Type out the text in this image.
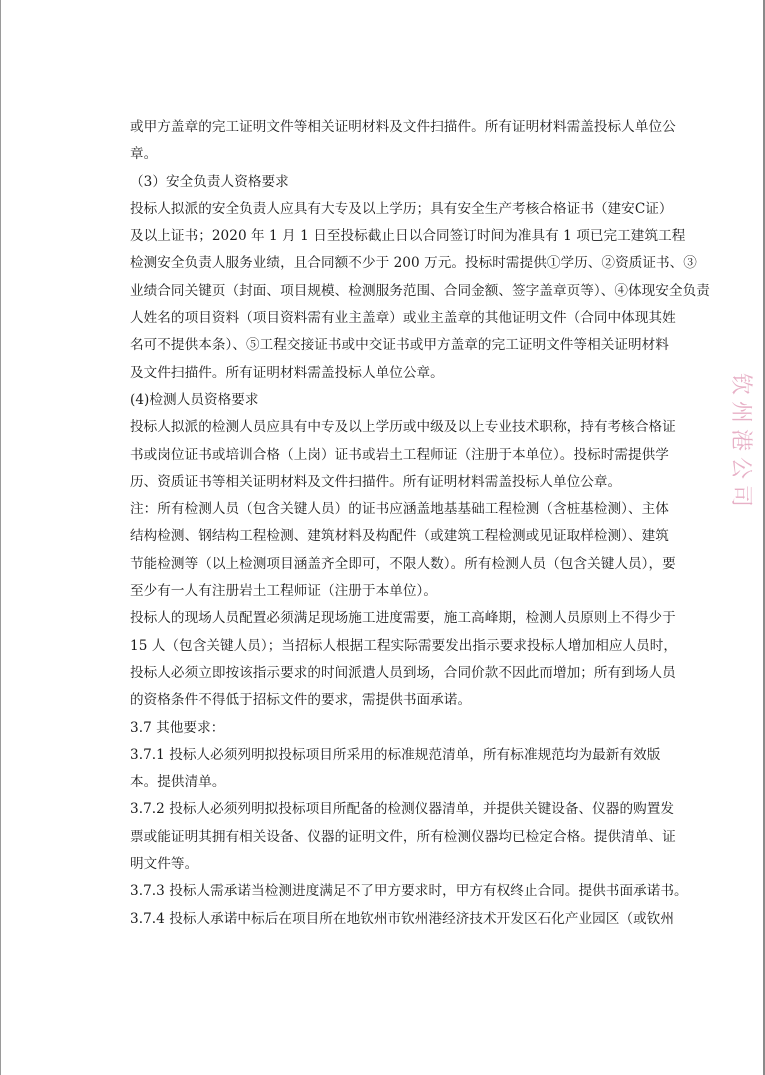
或甲方盖章的完工证明文件等相关证明材料及文件扫描件。所有证明材料需盖投标人单位公
章。
（3）安全负责人资格要求
投标人拟派的安全负责人应具有大专及以上学历；具有安全生产考核合格证书（建安C证）
及以上证书；2020 年 1 月 1 日至投标截止日以合同签订时间为准具有 1 项已完工建筑工程
检测安全负责人服务业绩，且合同额不少于 200 万元。投标时需提供①学历、②资质证书、③
业绩合同关键页（封面、项目规模、检测服务范围、合同金额、签字盖章页等）、④体现安全负责
人姓名的项目资料（项目资料需有业主盖章）或业主盖章的其他证明文件（合同中体现其姓
名可不提供本条）、⑤工程交接证书或中交证书或甲方盖章的完工证明文件等相关证明材料
及文件扫描件。所有证明材料需盖投标人单位公章。
(4)检测人员资格要求
投标人拟派的检测人员应具有中专及以上学历或中级及以上专业技术职称，持有考核合格证
书或岗位证书或培训合格（上岗）证书或岩土工程师证（注册于本单位）。投标时需提供学
历、资质证书等相关证明材料及文件扫描件。所有证明材料需盖投标人单位公章。
注：所有检测人员（包含关键人员）的证书应涵盖地基基础工程检测（含桩基检测）、主体
结构检测、钢结构工程检测、建筑材料及构配件（或建筑工程检测或见证取样检测）、建筑
节能检测等（以上检测项目涵盖齐全即可，不限人数）。所有检测人员（包含关键人员），要
至少有一人有注册岩土工程师证（注册于本单位）。
投标人的现场人员配置必须满足现场施工进度需要，施工高峰期，检测人员原则上不得少于
15 人（包含关键人员）；当招标人根据工程实际需要发出指示要求投标人增加相应人员时，
投标人必须立即按该指示要求的时间派遣人员到场，合同价款不因此而增加；所有到场人员
的资格条件不得低于招标文件的要求，需提供书面承诺。
3.7 其他要求：
3.7.1 投标人必须列明拟投标项目所采用的标准规范清单，所有标准规范均为最新有效版
本。提供清单。
3.7.2 投标人必须列明拟投标项目所配备的检测仪器清单，并提供关键设备、仪器的购置发
票或能证明其拥有相关设备、仪器的证明文件，所有检测仪器均已检定合格。提供清单、证
明文件等。
3.7.3 投标人需承诺当检测进度满足不了甲方要求时，甲方有权终止合同。提供书面承诺书。
3.7.4 投标人承诺中标后在项目所在地钦州市钦州港经济技术开发区石化产业园区（或钦州
钦
州
港
公
司
